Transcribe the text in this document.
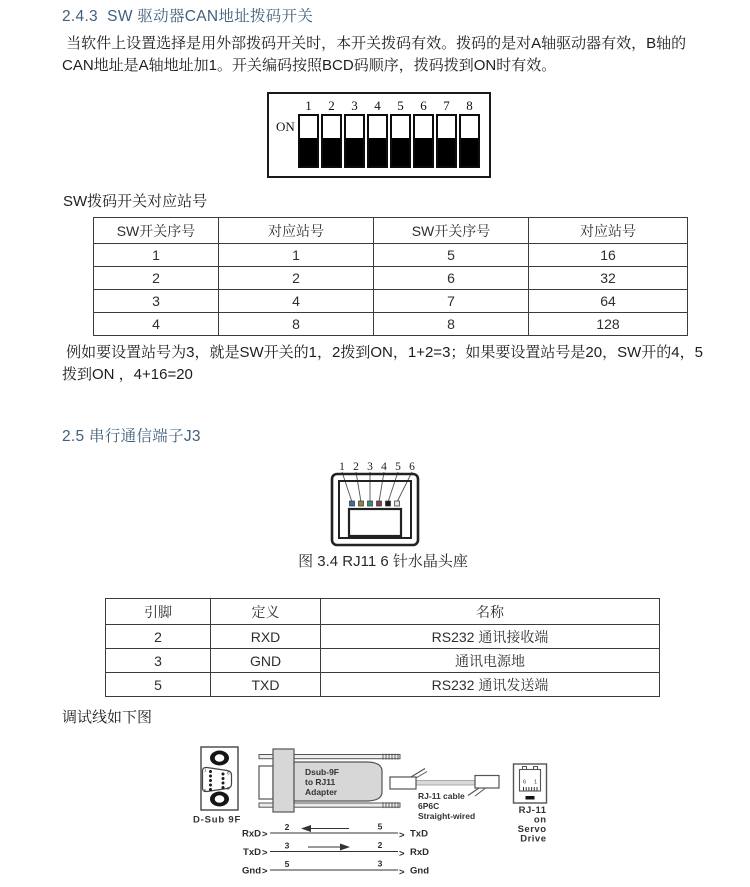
2.4.3  SW 驱动器CAN地址拨码开关
当软件上设置选择是用外部拨码开关时，本开关拨码有效。拨码的是对A轴驱动器有效，B轴的CAN地址是A轴地址加1。开关编码按照BCD码顺序，拨码拨到ON时有效。
ON
1 2 3 4 5 6 7 8
SW拨码开关对应站号
SW开关序号	对应站号	SW开关序号	对应站号
1	1	5	16
2	2	6	32
3	4	7	64
4	8	8	128
例如要设置站号为3，就是SW开关的1，2拨到ON，1+2=3；如果要设置站号是20，SW开的4，5拨到ON ，4+16=20
2.5 串行通信端子J3
1 2 3 4 5 6
图 3.4 RJ11 6 针水晶头座
引脚	定义	名称
2	RXD	RS232 通讯接收端
3	GND	通讯电源地
5	TXD	RS232 通讯发送端
调试线如下图
1
5
6
9
D-Sub 9F
Dsub-9F
to RJ11
Adapter	RJ-11 cable
6P6C
Straight-wired
6 1
RJ-11
on
Servo
Drive
RxD >
2	5
> TxD
TxD >
3	2
> RxD
Gnd >
5	3
> Gnd
